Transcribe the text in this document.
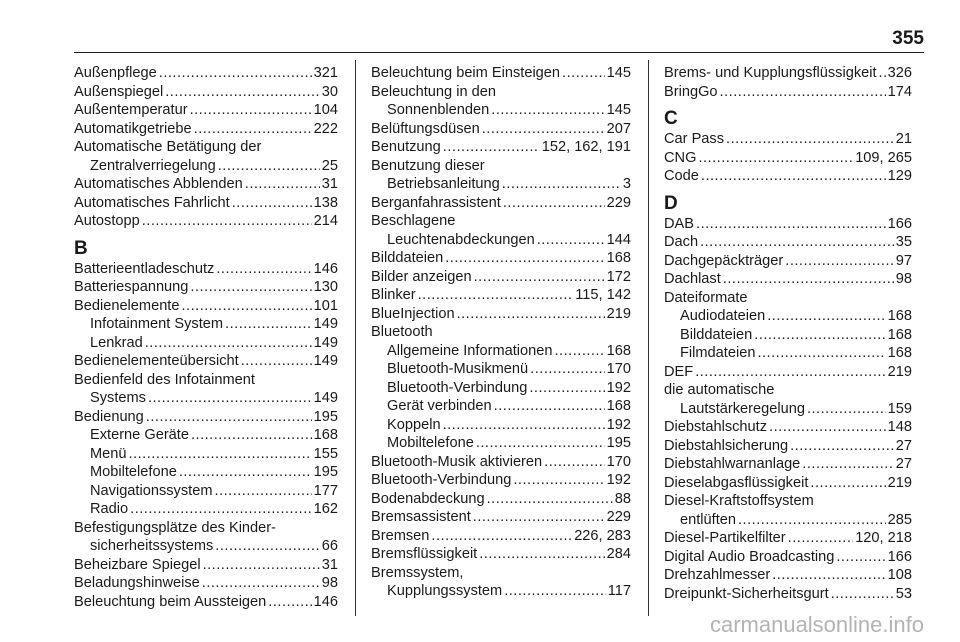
355
Außenpflege .....	321
Außenspiegel .....	30
Außentemperatur .....	104
Automatikgetriebe .....	222
Automatische Betätigung der
Zentralverriegelung .....	25
Automatisches Abblenden .....	31
Automatisches Fahrlicht .....	138
Autostopp .....	214
B
Batterieentladeschutz .....	146
Batteriespannung .....	130
Bedienelemente .....	101
Infotainment System .....	149
Lenkrad .....	149
Bedienelementeübersicht .....	149
Bedienfeld des Infotainment
Systems .....	149
Bedienung .....	195
Externe Geräte .....	168
Menü .....	155
Mobiltelefone .....	195
Navigationssystem .....	177
Radio .....	162
Befestigungsplätze des Kinder-
sicherheitssystems .....	66
Beheizbare Spiegel .....	31
Beladungshinweise .....	98
Beleuchtung beim Aussteigen .....	146
Beleuchtung beim Einsteigen .....	145
Beleuchtung in den
Sonnenblenden .....	145
Belüftungsdüsen .....	207
Benutzung .....	152, 162, 191
Benutzung dieser
Betriebsanleitung .....	3
Berganfahrassistent .....	229
Beschlagene
Leuchtenabdeckungen .....	144
Bilddateien .....	168
Bilder anzeigen .....	172
Blinker .....	115, 142
BlueInjection .....	219
Bluetooth
Allgemeine Informationen .....	168
Bluetooth-Musikmenü .....	170
Bluetooth-Verbindung .....	192
Gerät verbinden .....	168
Koppeln .....	192
Mobiltelefone .....	195
Bluetooth-Musik aktivieren .....	170
Bluetooth-Verbindung .....	192
Bodenabdeckung .....	88
Bremsassistent .....	229
Bremsen .....	226, 283
Bremsflüssigkeit .....	284
Bremssystem,
Kupplungssystem .....	117
Brems- und Kupplungsflüssigkeit ..... 326
BringGo .....	174
C
Car Pass .....	21
CNG .....	109, 265
Code .....	129
D
DAB .....	166
Dach .....	35
Dachgepäckträger .....	97
Dachlast .....	98
Dateiformate
Audiodateien .....	168
Bilddateien .....	168
Filmdateien .....	168
DEF .....	219
die automatische
Lautstärkeregelung .....	159
Diebstahlschutz .....	148
Diebstahlsicherung .....	27
Diebstahlwarnanlage .....	27
Dieselabgasflüssigkeit .....	219
Diesel-Kraftstoffsystem
entlüften .....	285
Diesel-Partikelfilter .....	120, 218
Digital Audio Broadcasting .....	166
Drehzahlmesser .....	108
Dreipunkt-Sicherheitsgurt .....	53
carmanualsonline.info
